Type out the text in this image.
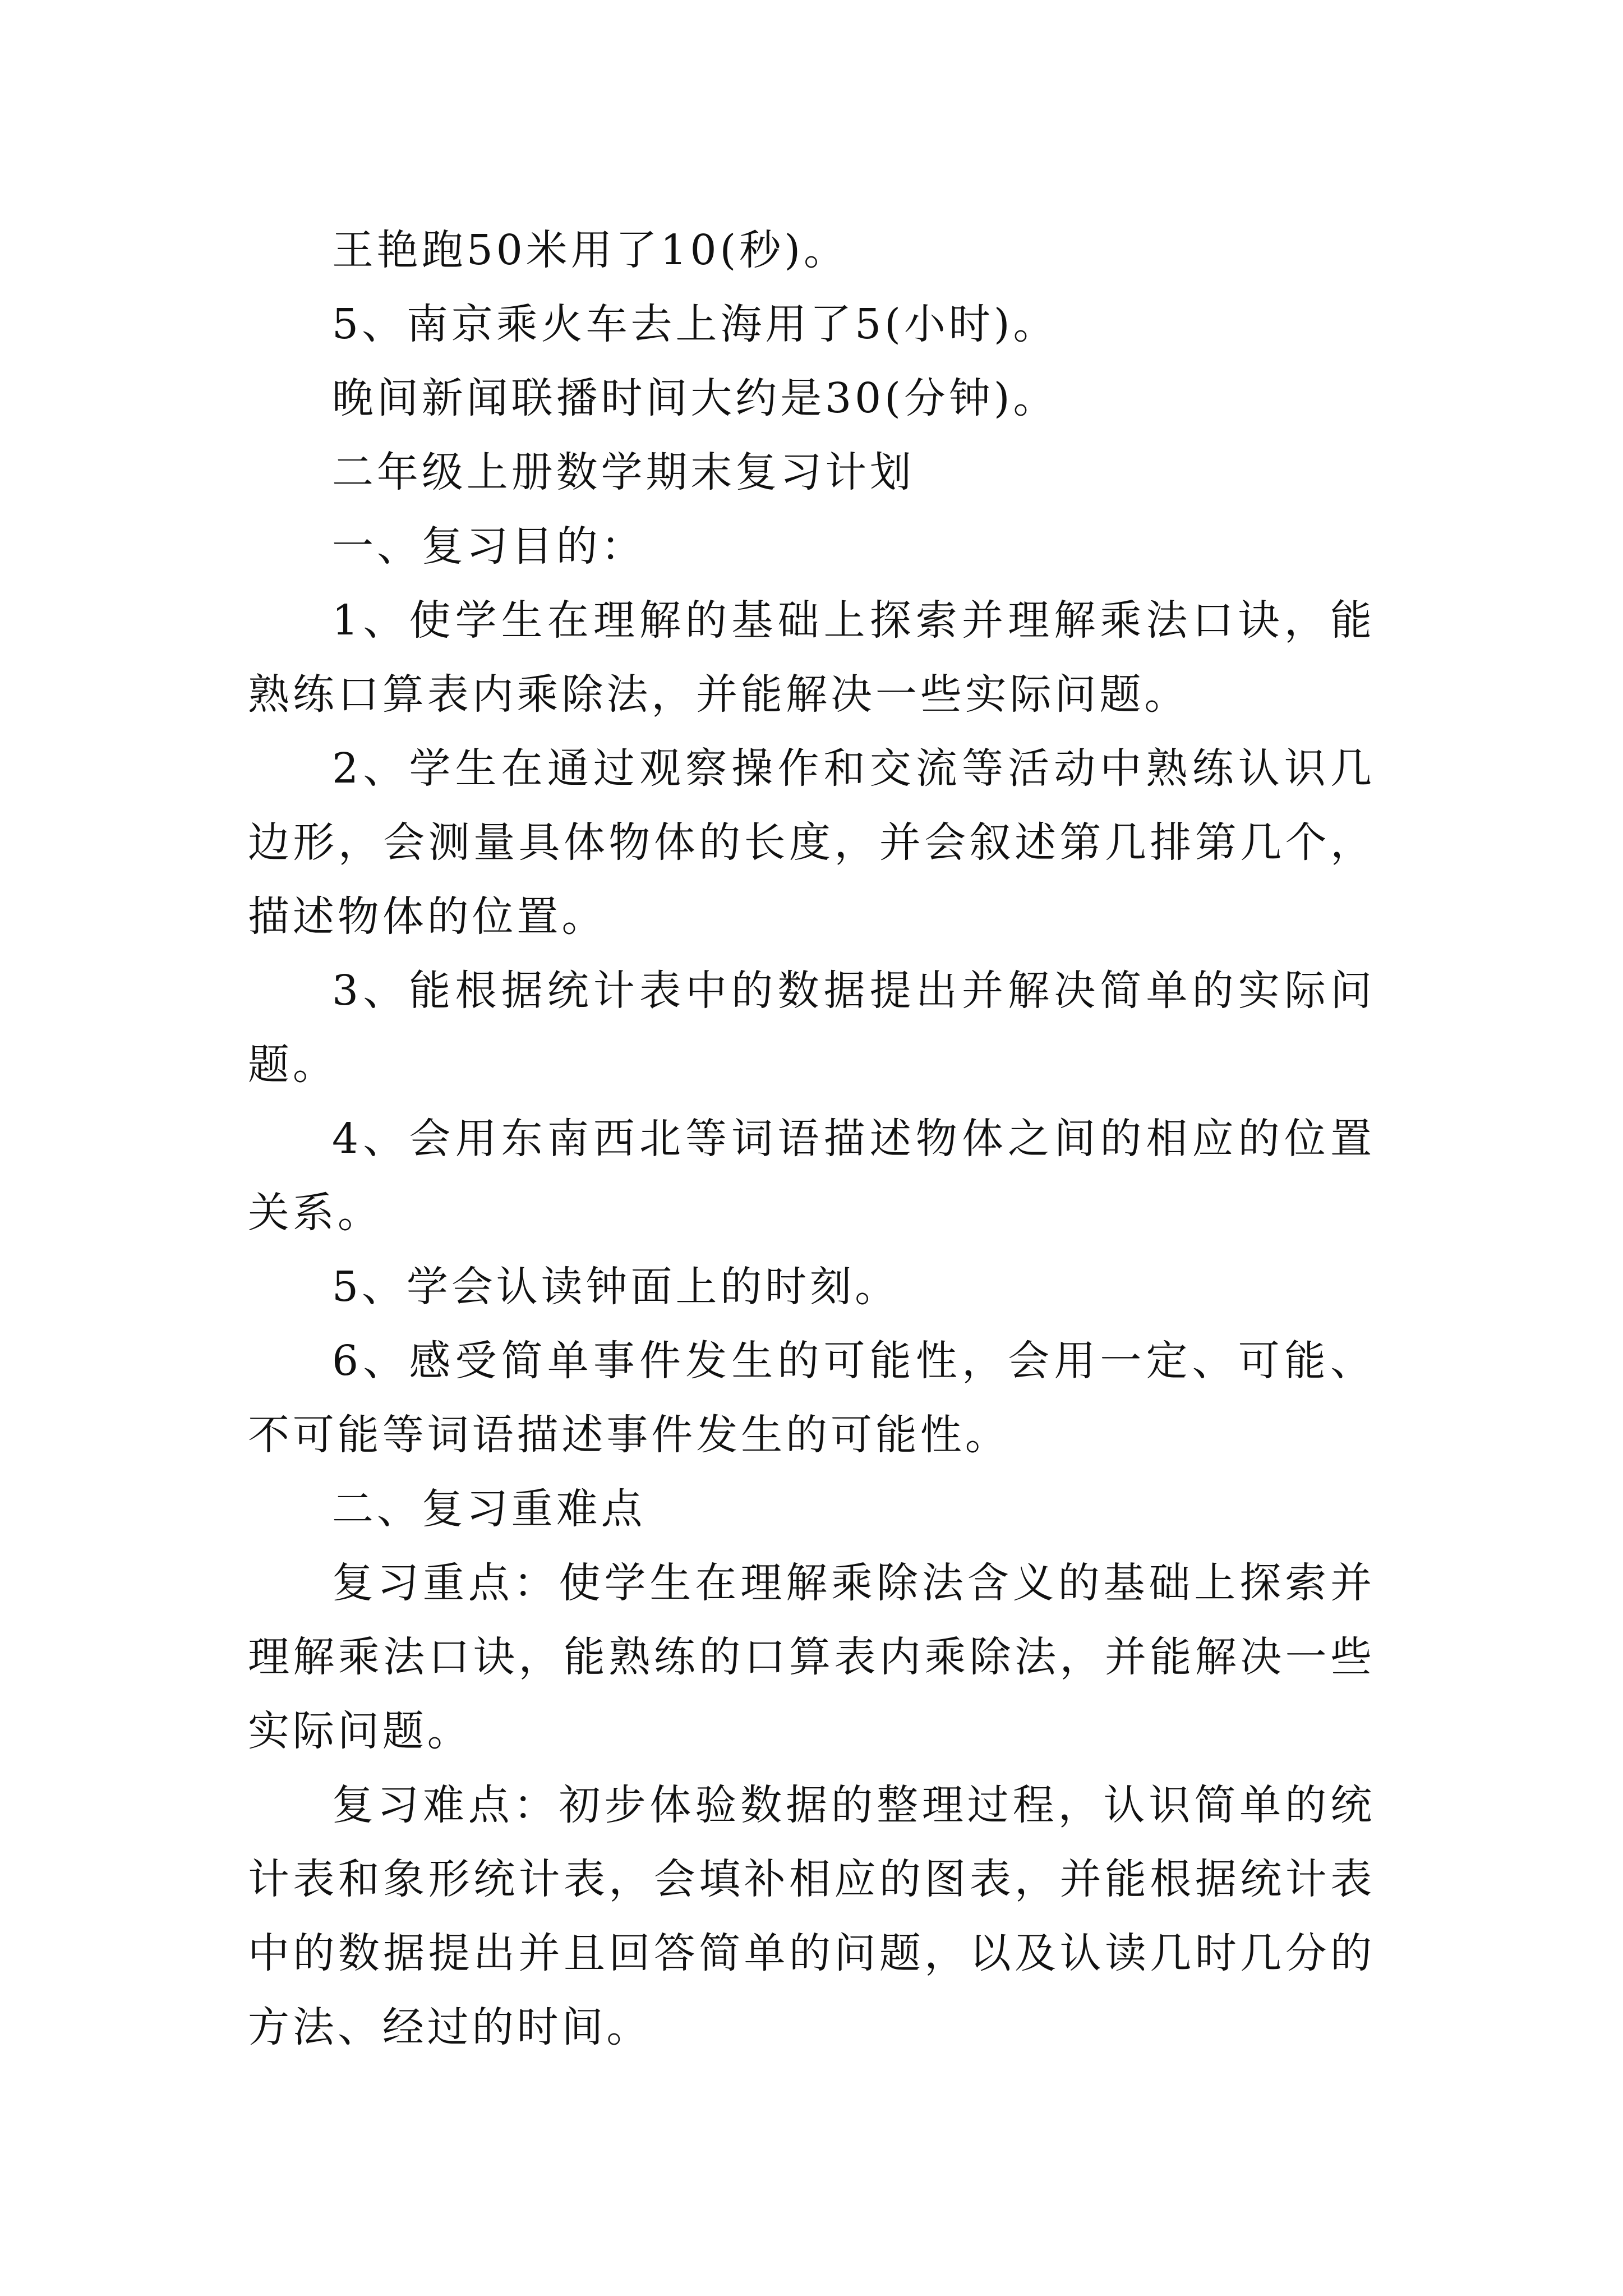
王艳跑50米用了10(秒)。

5、南京乘火车去上海用了5(小时)。

晚间新闻联播时间大约是30(分钟)。

二年级上册数学期末复习计划

一、复习目的：

1、使学生在理解的基础上探索并理解乘法口诀，能熟练口算表内乘除法，并能解决一些实际问题。

2、学生在通过观察操作和交流等活动中熟练认识几边形，会测量具体物体的长度，并会叙述第几排第几个，描述物体的位置。

3、能根据统计表中的数据提出并解决简单的实际问题。

4、会用东南西北等词语描述物体之间的相应的位置关系。

5、学会认读钟面上的时刻。

6、感受简单事件发生的可能性，会用一定、可能、不可能等词语描述事件发生的可能性。

二、复习重难点

复习重点：使学生在理解乘除法含义的基础上探索并理解乘法口诀，能熟练的口算表内乘除法，并能解决一些实际问题。

复习难点：初步体验数据的整理过程，认识简单的统计表和象形统计表，会填补相应的图表，并能根据统计表中的数据提出并且回答简单的问题，以及认读几时几分的方法、经过的时间。
